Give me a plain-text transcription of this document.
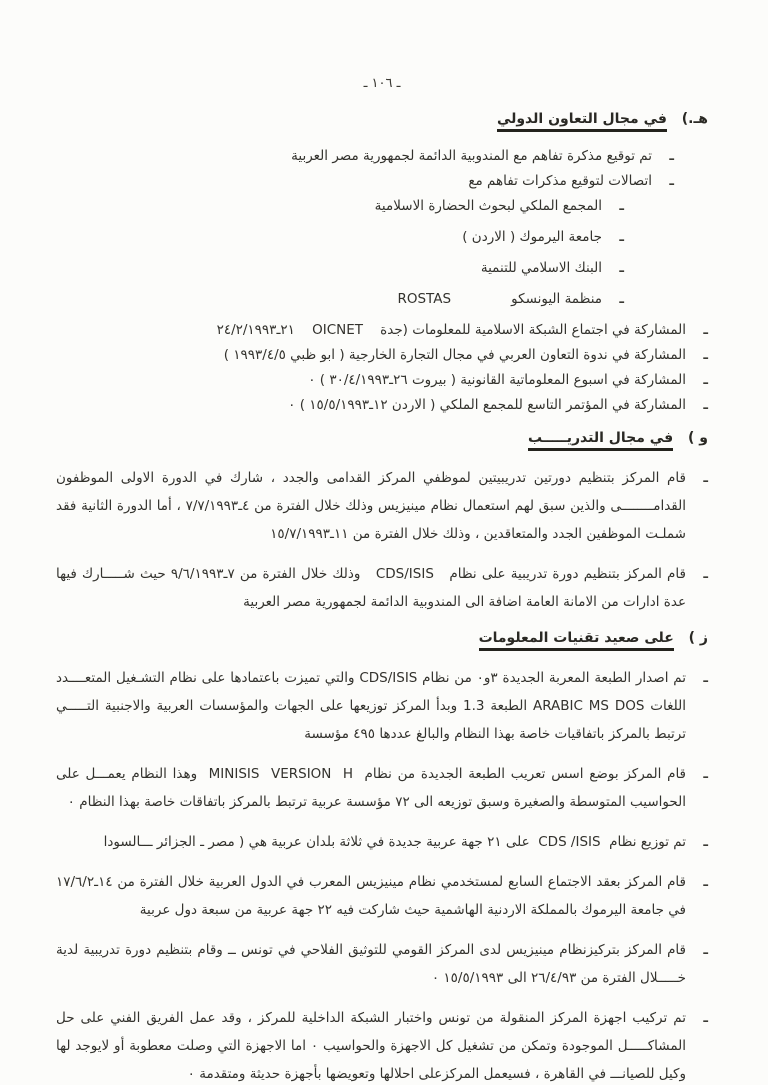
ـ ١٠٦ ـ
هـ.) في مجال التعاون الدولي
ـ
تم توقيع مذكرة تفاهم مع المندوبية الدائمة لجمهورية مصر العربية
ـ
اتصالات لتوقيع مذكرات تفاهم مع
ـ
المجمع الملكي لبحوث الحضارة الاسلامية
ـ
جامعة اليرموك ( الاردن )
ـ
البنك الاسلامي للتنمية
ـ
منظمة اليونسكو              ROSTAS
ـ
المشاركة في اجتماع الشبكة الاسلامية للمعلومات (جدة    OICNET    ٢١ـ٢٤/٢/١٩٩٣
ـ
المشاركة في ندوة التعاون العربي في مجال التجارة الخارجية ( ابو ظبي ١٩٩٣/٤/٥ )
ـ
المشاركة في اسبوع المعلوماتية القانونية ( بيروت ٢٦ـ٣٠/٤/١٩٩٣ ) ٠
ـ
المشاركة في المؤتمر التاسع للمجمع الملكي ( الاردن ١٢ـ١٥/٥/١٩٩٣ ) ٠
و ) في مجال التدريـــــب
ـ
قام المركز بتنظيم دورتين تدريبيتين لموظفي المركز القدامى والجدد ، شارك في الدورة الاولى الموظفون القدامــــــــى والذين سبق لهم استعمال نظام مينيزيس وذلك خلال الفترة من ٤ـ٧/٧/١٩٩٣ ، أما الدورة الثانية فقد شملـت الموظفين الجدد والمتعاقدين ، وذلك خلال الفترة من ١١ـ١٥/٧/١٩٩٣
ـ
قام المركز بتنظيم دورة تدريبية على نظام   CDS/ISIS   وذلك خلال الفترة من ٧ـ٩/٦/١٩٩٣ حيث شـــــارك فيها عدة ادارات من الامانة العامة اضافة الى المندوبية الدائمة لجمهورية مصر العربية
ز ) على صعيد تقنيات المعلومات
ـ
تم اصدار الطبعة المعربة الجديدة ٣و٠ من نظام CDS/ISIS والتي تميزت باعتمادها على نظام التشـغيل المتعــــدد اللغات ARABIC MS DOS الطبعة 1.3 وبدأ المركز توزيعها على الجهات والمؤسسات العربية والاجنبية التـــــي ترتبط بالمركز باتفاقيات خاصة بهذا النظام والبالغ عددها ٤٩٥ مؤسسة
ـ
قام المركز بوضع اسس تعريب الطبعة الجديدة من نظام  MINISIS  VERSION  H  وهذا النظام يعمـــل على الحواسيب المتوسطة والصغيرة وسبق توزيعه الى ٧٢ مؤسسة عربية ترتبط بالمركز باتفاقات خاصة بهذا النظام ٠
ـ
تم توزيع نظام  CDS /ISIS  على ٢١ جهة عربية جديدة في ثلاثة بلدان عربية هي ( مصر ـ الجزائر ـــالسودا
ـ
قام المركز بعقد الاجتماع السابع لمستخدمي نظام مينيزيس المعرب في الدول العربية خلال الفترة من ١٤ـ١٧/٦/٢ في جامعة اليرموك بالمملكة الاردنية الهاشمية حيث شاركت فيه ٢٢ جهة عربية من سبعة دول عربية
ـ
قام المركز بتركيزنظام مينيزيس لدى المركز القومي للتوثيق الفلاحي في تونس ــ وقام بتنظيم دورة تدريبية لدية خـــــلال الفترة من ٢٦/٤/٩٣ الى ١٥/٥/١٩٩٣ ٠
ـ
تم تركيب اجهزة المركز المنقولة من تونس واختبار الشبكة الداخلية للمركز ، وقد عمل الفريق الفني على حل المشاكـــــل الموجودة وتمكن من تشغيل كل الاجهزة والحواسيب ٠ اما الاجهزة التي وصلت معطوبة أو لايوجد لها وكيل للصيانـــ في القاهرة ، فسيعمل المركزعلى احلالها وتعويضها بأجهزة حديثة ومتقدمة ٠
